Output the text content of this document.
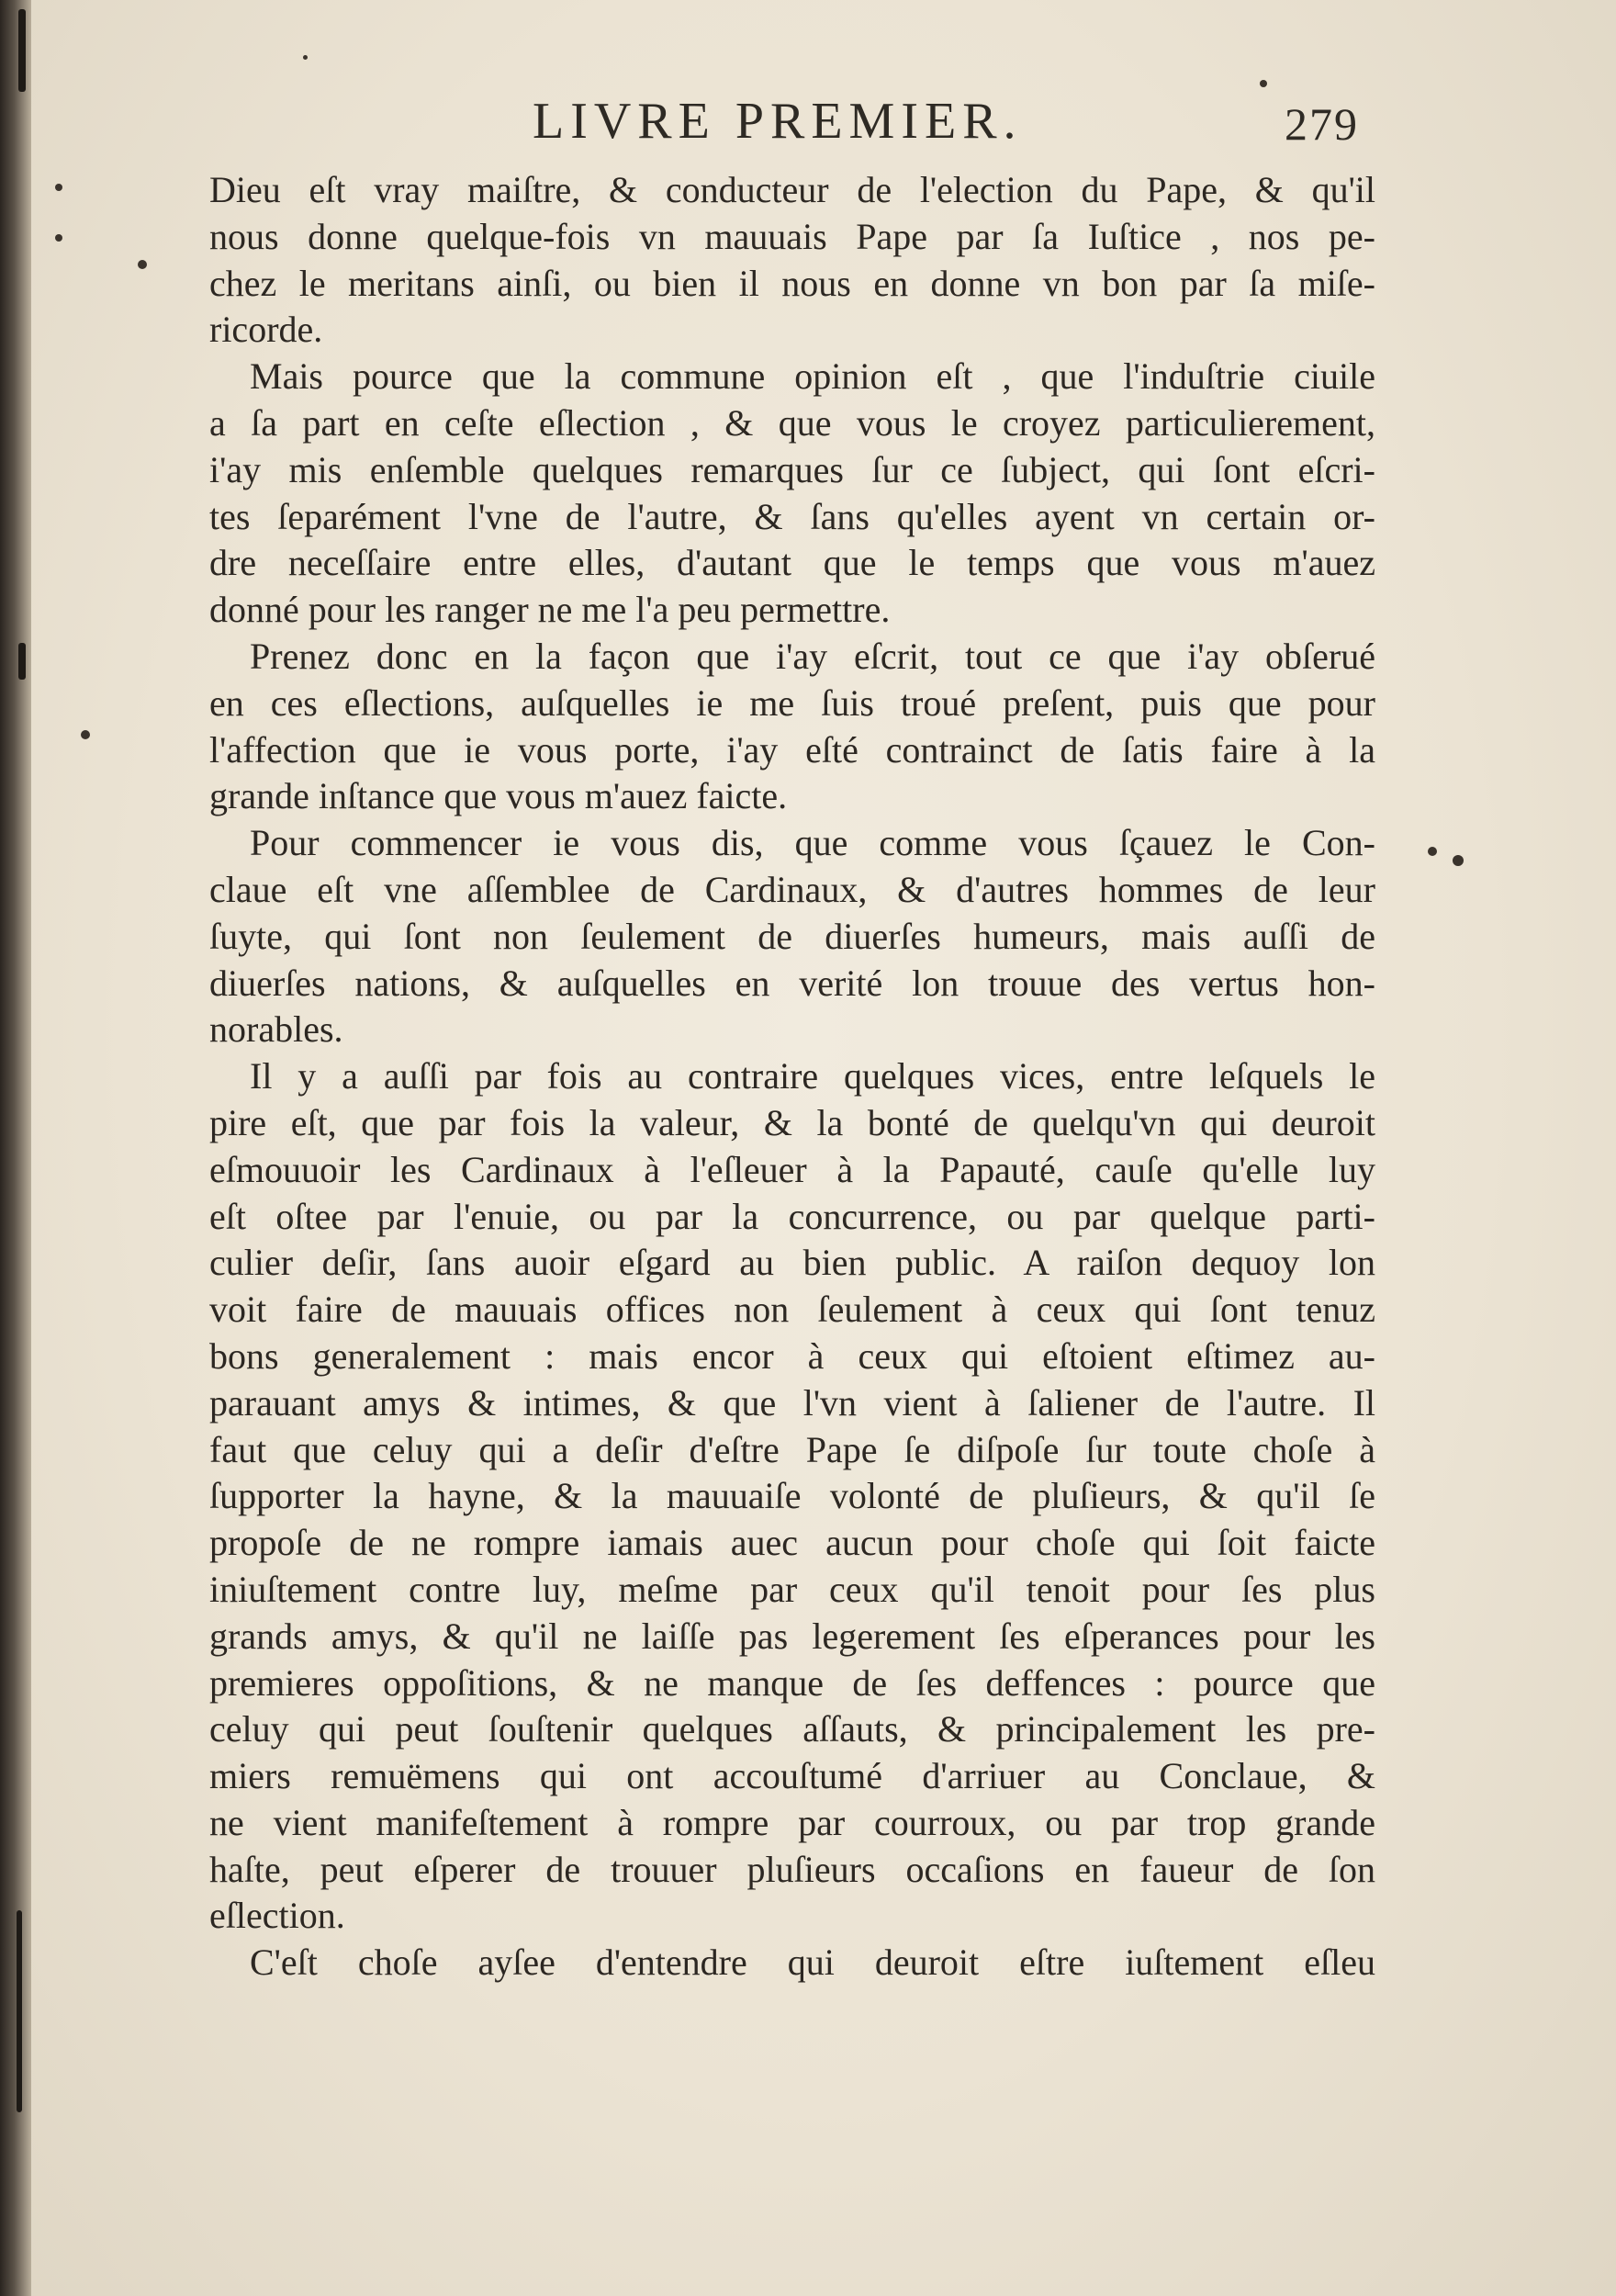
LIVRE PREMIER.	279
Dieu eſt vray maiſtre, & conducteur de l'election du Pape, & qu'il
nous donne quelque-fois vn mauuais Pape par ſa Iuſtice , nos pe-
chez le meritans ainſi, ou bien il nous en donne vn bon par ſa miſe-
ricorde.
Mais pource que la commune opinion eſt , que l'induſtrie ciuile
a ſa part en ceſte eſlection , & que vous le croyez particulierement,
i'ay mis enſemble quelques remarques ſur ce ſubject, qui ſont eſcri-
tes ſeparément l'vne de l'autre, & ſans qu'elles ayent vn certain or-
dre neceſſaire entre elles, d'autant que le temps que vous m'auez
donné pour les ranger ne me l'a peu permettre.
Prenez donc en la façon que i'ay eſcrit, tout ce que i'ay obſerué
en ces eſlections, auſquelles ie me ſuis troué preſent, puis que pour
l'affection que ie vous porte, i'ay eſté contrainct de ſatis faire à la
grande inſtance que vous m'auez faicte.
Pour commencer ie vous dis, que comme vous ſçauez le Con-
claue eſt vne aſſemblee de Cardinaux, & d'autres hommes de leur
ſuyte, qui ſont non ſeulement de diuerſes humeurs, mais auſſi de
diuerſes nations, & auſquelles en verité lon trouue des vertus hon-
norables.
Il y a auſſi par fois au contraire quelques vices, entre leſquels le
pire eſt, que par fois la valeur, & la bonté de quelqu'vn qui deuroit
eſmouuoir les Cardinaux à l'eſleuer à la Papauté, cauſe qu'elle luy
eſt oſtee par l'enuie, ou par la concurrence, ou par quelque parti-
culier deſir, ſans auoir eſgard au bien public. A raiſon dequoy lon
voit faire de mauuais offices non ſeulement à ceux qui ſont tenuz
bons generalement : mais encor à ceux qui eſtoient eſtimez au-
parauant amys & intimes, & que l'vn vient à ſaliener de l'autre. Il
faut que celuy qui a deſir d'eſtre Pape ſe diſpoſe ſur toute choſe à
ſupporter la hayne, & la mauuaiſe volonté de pluſieurs, & qu'il ſe
propoſe de ne rompre iamais auec aucun pour choſe qui ſoit faicte
iniuſtement contre luy, meſme par ceux qu'il tenoit pour ſes plus
grands amys, & qu'il ne laiſſe pas legerement ſes eſperances pour les
premieres oppoſitions, & ne manque de ſes deffences : pource que
celuy qui peut ſouſtenir quelques aſſauts, & principalement les pre-
miers remuëmens qui ont accouſtumé d'arriuer au Conclaue, &
ne vient manifeſtement à rompre par courroux, ou par trop grande
haſte, peut eſperer de trouuer pluſieurs occaſions en faueur de ſon
eſlection.
C'eſt choſe ayſee d'entendre qui deuroit eſtre iuſtement eſleu
